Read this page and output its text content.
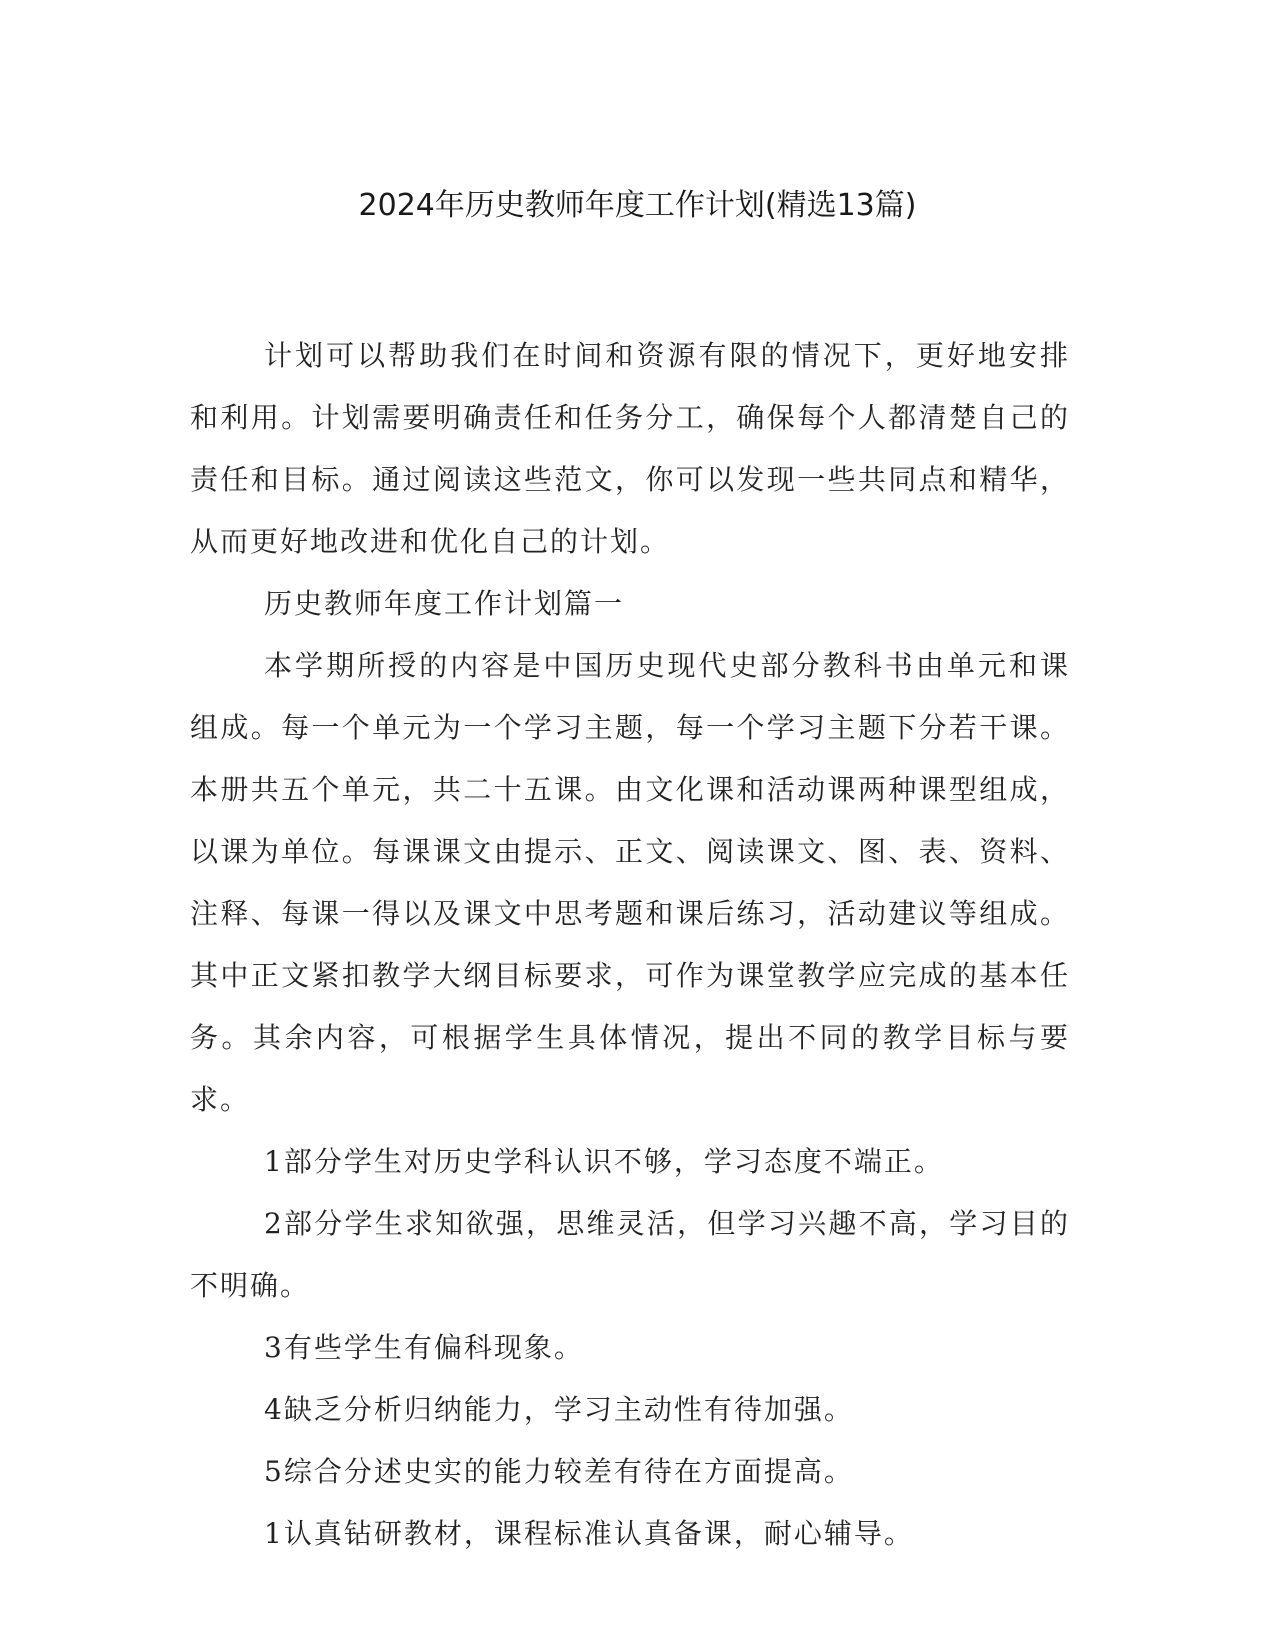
2024年历史教师年度工作计划(精选13篇)

计划可以帮助我们在时间和资源有限的情况下，更好地安排和利用。计划需要明确责任和任务分工，确保每个人都清楚自己的责任和目标。通过阅读这些范文，你可以发现一些共同点和精华，从而更好地改进和优化自己的计划。

历史教师年度工作计划篇一

本学期所授的内容是中国历史现代史部分教科书由单元和课组成。每一个单元为一个学习主题，每一个学习主题下分若干课。本册共五个单元，共二十五课。由文化课和活动课两种课型组成，以课为单位。每课课文由提示、正文、阅读课文、图、表、资料、注释、每课一得以及课文中思考题和课后练习，活动建议等组成。其中正文紧扣教学大纲目标要求，可作为课堂教学应完成的基本任务。其余内容，可根据学生具体情况，提出不同的教学目标与要求。

1部分学生对历史学科认识不够，学习态度不端正。

2部分学生求知欲强，思维灵活，但学习兴趣不高，学习目的不明确。

3有些学生有偏科现象。

4缺乏分析归纳能力，学习主动性有待加强。

5综合分述史实的能力较差有待在方面提高。

1认真钻研教材，课程标准认真备课，耐心辅导。
